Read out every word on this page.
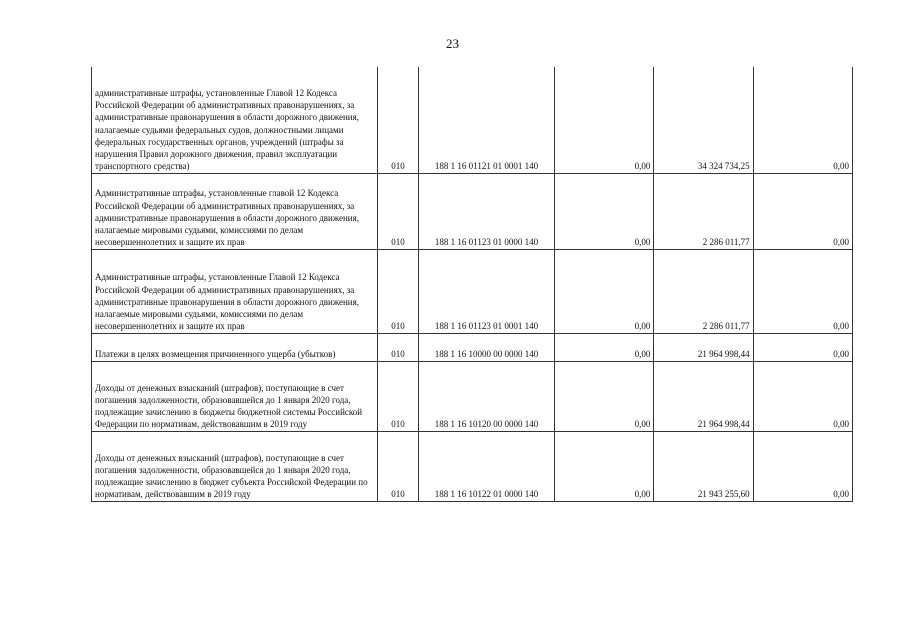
23
административные штрафы, установленные Главой 12 Кодекса Российской Федерации об административных правонарушениях, за административные правонарушения в области дорожного движения, налагаемые судьями федеральных судов, должностными лицами федеральных государственных органов, учреждений (штрафы за нарушения Правил дорожного движения, правил эксплуатации транспортного средства)	010	188 1 16 01121 01 0001 140	0,00	34 324 734,25	0,00

Административные штрафы, установленные главой 12 Кодекса Российской Федерации об административных правонарушениях, за административные правонарушения в области дорожного движения, налагаемые мировыми судьями, комиссиями по делам несовершеннолетних и защите их прав	010	188 1 16 01123 01 0000 140	0,00	2 286 011,77	0,00

Административные штрафы, установленные Главой 12 Кодекса Российской Федерации об административных правонарушениях, за административные правонарушения в области дорожного движения, налагаемые мировыми судьями, комиссиями по делам несовершеннолетних и защите их прав	010	188 1 16 01123 01 0001 140	0,00	2 286 011,77	0,00

Платежи в целях возмещения причиненного ущерба (убытков)	010	188 1 16 10000 00 0000 140	0,00	21 964 998,44	0,00

Доходы от денежных взысканий (штрафов), поступающие в счет погашения задолженности, образовавшейся до 1 января 2020 года, подлежащие зачислению в бюджеты бюджетной системы Российской Федерации по нормативам, действовавшим в 2019 году	010	188 1 16 10120 00 0000 140	0,00	21 964 998,44	0,00

Доходы от денежных взысканий (штрафов), поступающие в счет погашения задолженности, образовавшейся до 1 января 2020 года, подлежащие зачислению в бюджет субъекта Российской Федерации по нормативам, действовавшим в 2019 году	010	188 1 16 10122 01 0000 140	0,00	21 943 255,60	0,00
